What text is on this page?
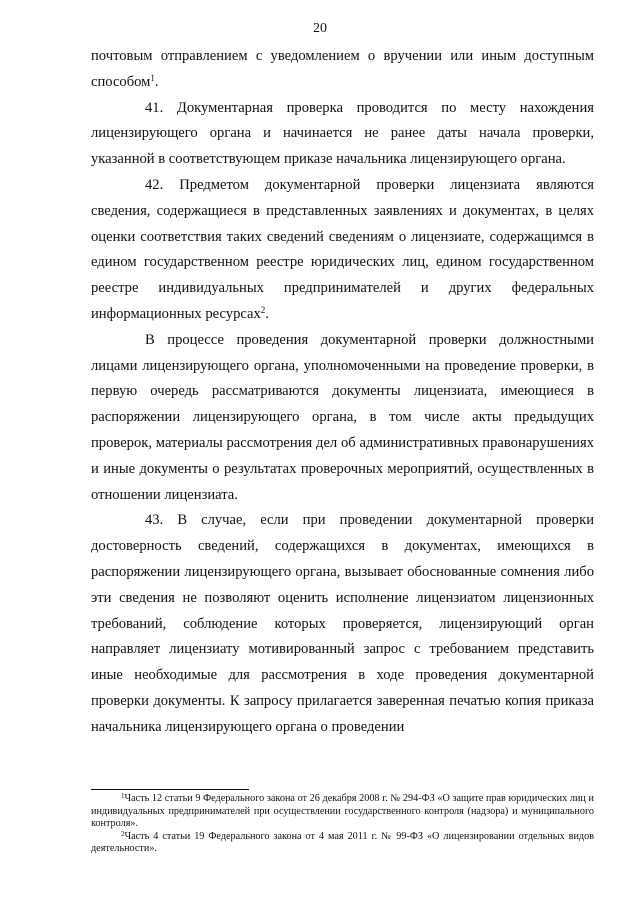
20

почтовым отправлением с уведомлением о вручении или иным доступным способом$^1$.

41. Документарная проверка проводится по месту нахождения лицензирующего органа и начинается не ранее даты начала проверки, указанной в соответствующем приказе начальника лицензирующего органа.

42. Предметом документарной проверки лицензиата являются сведения, содержащиеся в представленных заявлениях и документах, в целях оценки соответствия таких сведений сведениям о лицензиате, содержащимся в едином государственном реестре юридических лиц, едином государственном реестре индивидуальных предпринимателей и других федеральных информационных ресурсах$^2$.

В процессе проведения документарной проверки должностными лицами лицензирующего органа, уполномоченными на проведение проверки, в первую очередь рассматриваются документы лицензиата, имеющиеся в распоряжении лицензирующего органа, в том числе акты предыдущих проверок, материалы рассмотрения дел об административных правонарушениях и иные документы о результатах проверочных мероприятий, осуществленных в отношении лицензиата.

43. В случае, если при проведении документарной проверки достоверность сведений, содержащихся в документах, имеющихся в распоряжении лицензирующего органа, вызывает обоснованные сомнения либо эти сведения не позволяют оценить исполнение лицензиатом лицензионных требований, соблюдение которых проверяется, лицензирующий орган направляет лицензиату мотивированный запрос с требованием представить иные необходимые для рассмотрения в ходе проведения документарной проверки документы. К запросу прилагается заверенная печатью копия приказа начальника лицензирующего органа о проведении

$^1$Часть 12 статьи 9 Федерального закона от 26 декабря 2008 г. № 294-ФЗ «О защите прав юридических лиц и индивидуальных предпринимателей при осуществлении государственного контроля (надзора) и муниципального контроля».

$^2$Часть 4 статьи 19 Федерального закона от 4 мая 2011 г. № 99-ФЗ «О лицензировании отдельных видов деятельности».
